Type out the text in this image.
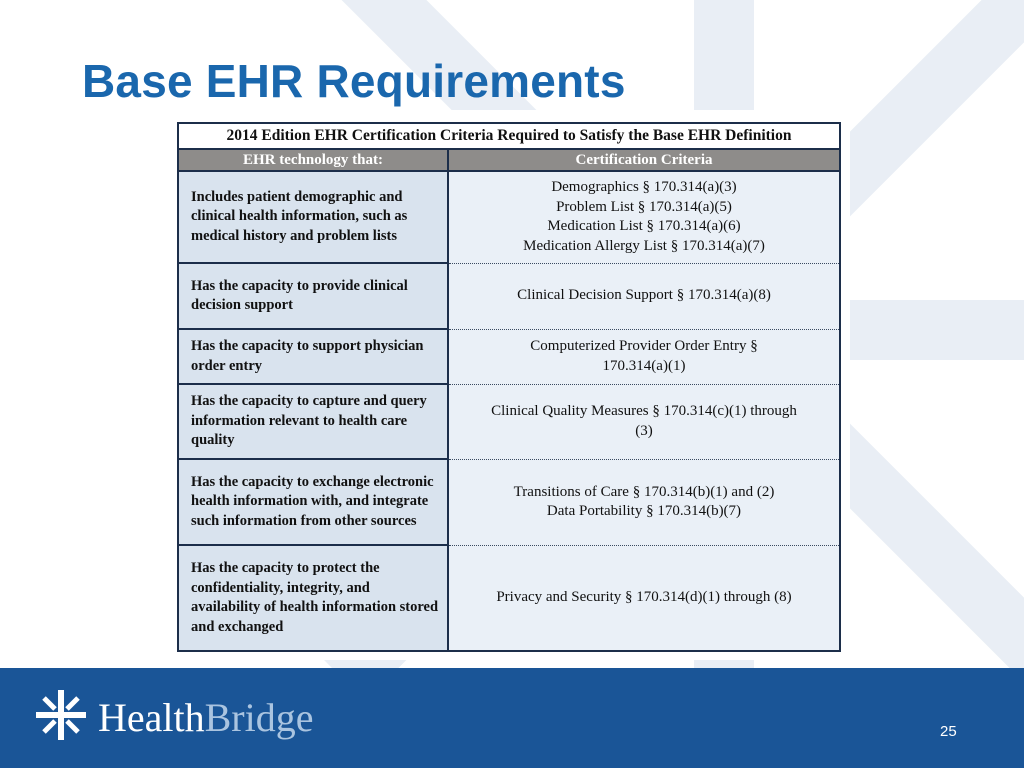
Base EHR Requirements
2014 Edition EHR Certification Criteria Required to Satisfy the Base EHR Definition	
EHR technology that:	Certification Criteria
Includes patient demographic and clinical health information, such as medical history and problem lists	Demographics § 170.314(a)(3)
Problem List § 170.314(a)(5)
Medication List § 170.314(a)(6)
Medication Allergy List § 170.314(a)(7)

Has the capacity to provide clinical decision support	Clinical Decision Support § 170.314(a)(8)

Has the capacity to support physician order entry	Computerized Provider Order Entry §
170.314(a)(1)

Has the capacity to capture and query information relevant to health care quality	Clinical Quality Measures § 170.314(c)(1) through
(3)

Has the capacity to exchange electronic health information with, and integrate such information from other sources	Transitions of Care § 170.314(b)(1) and (2)
Data Portability § 170.314(b)(7)

Has the capacity to protect the confidentiality, integrity, and availability of health information stored and exchanged	Privacy and Security § 170.314(d)(1) through (8)
HealthBridge	25
